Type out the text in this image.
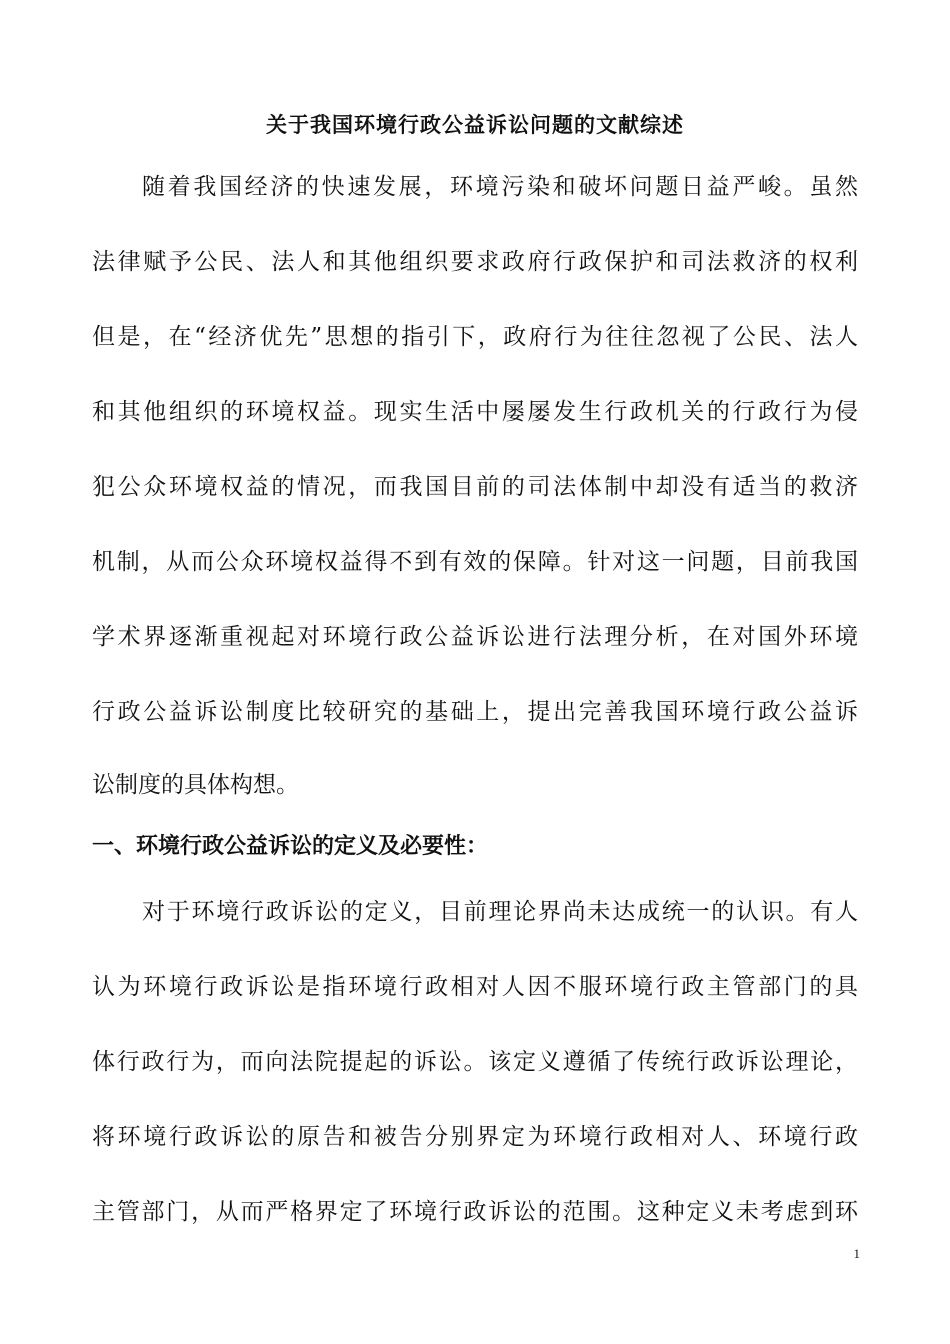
关于我国环境行政公益诉讼问题的文献综述
随着我国经济的快速发展，环境污染和破坏问题日益严峻。虽然
法律赋予公民、法人和其他组织要求政府行政保护和司法救济的权利
但是，在“经济优先”思想的指引下，政府行为往往忽视了公民、法人
和其他组织的环境权益。现实生活中屡屡发生行政机关的行政行为侵
犯公众环境权益的情况，而我国目前的司法体制中却没有适当的救济
机制，从而公众环境权益得不到有效的保障。针对这一问题，目前我国
学术界逐渐重视起对环境行政公益诉讼进行法理分析，在对国外环境
行政公益诉讼制度比较研究的基础上，提出完善我国环境行政公益诉
讼制度的具体构想。
一、环境行政公益诉讼的定义及必要性：
对于环境行政诉讼的定义，目前理论界尚未达成统一的认识。有人
认为环境行政诉讼是指环境行政相对人因不服环境行政主管部门的具
体行政行为，而向法院提起的诉讼。该定义遵循了传统行政诉讼理论，
将环境行政诉讼的原告和被告分别界定为环境行政相对人、环境行政
主管部门，从而严格界定了环境行政诉讼的范围。这种定义未考虑到环
1
